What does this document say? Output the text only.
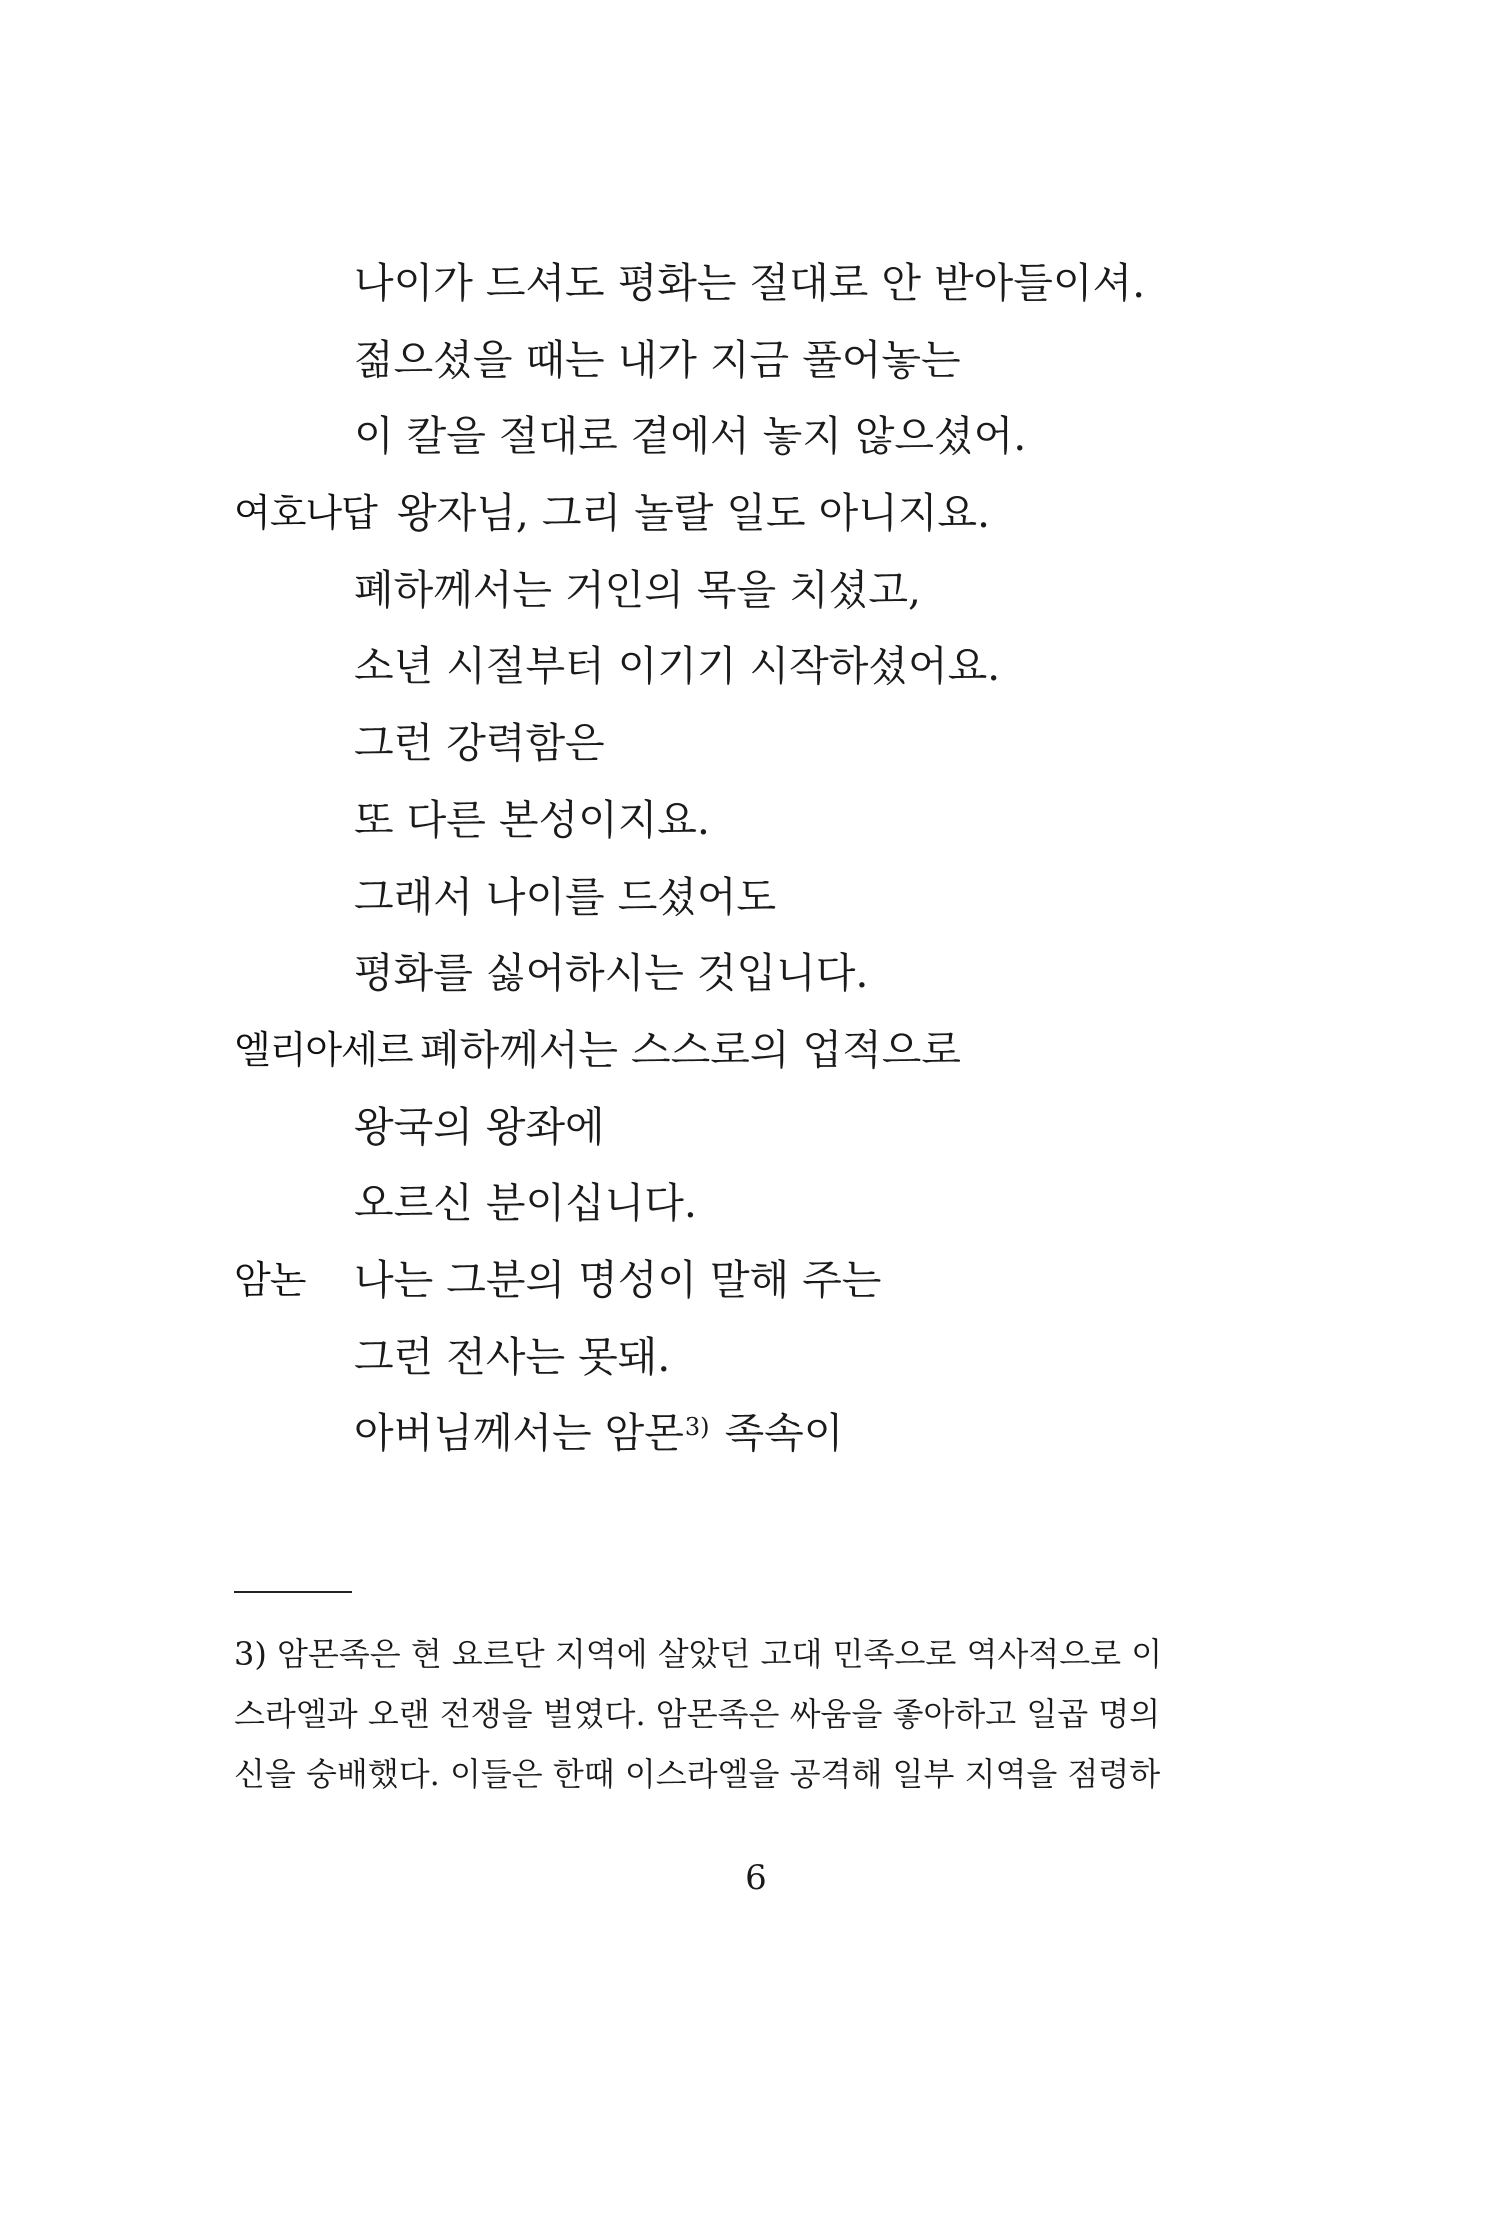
나이가 드셔도 평화는 절대로 안 받아들이셔.
젊으셨을 때는 내가 지금 풀어놓는
이 칼을 절대로 곁에서 놓지 않으셨어.
여호나답 왕자님, 그리 놀랄 일도 아니지요.
폐하께서는 거인의 목을 치셨고,
소년 시절부터 이기기 시작하셨어요.
그런 강력함은
또 다른 본성이지요.
그래서 나이를 드셨어도
평화를 싫어하시는 것입니다.
엘리아세르 폐하께서는 스스로의 업적으로
왕국의 왕좌에
오르신 분이십니다.
암논 나는 그분의 명성이 말해 주는
그런 전사는 못돼.
아버님께서는 암몬$^{3)}$ 족속이
3) 암몬족은 현 요르단 지역에 살았던 고대 민족으로 역사적으로 이
스라엘과 오랜 전쟁을 벌였다. 암몬족은 싸움을 좋아하고 일곱 명의
신을 숭배했다. 이들은 한때 이스라엘을 공격해 일부 지역을 점령하
6
